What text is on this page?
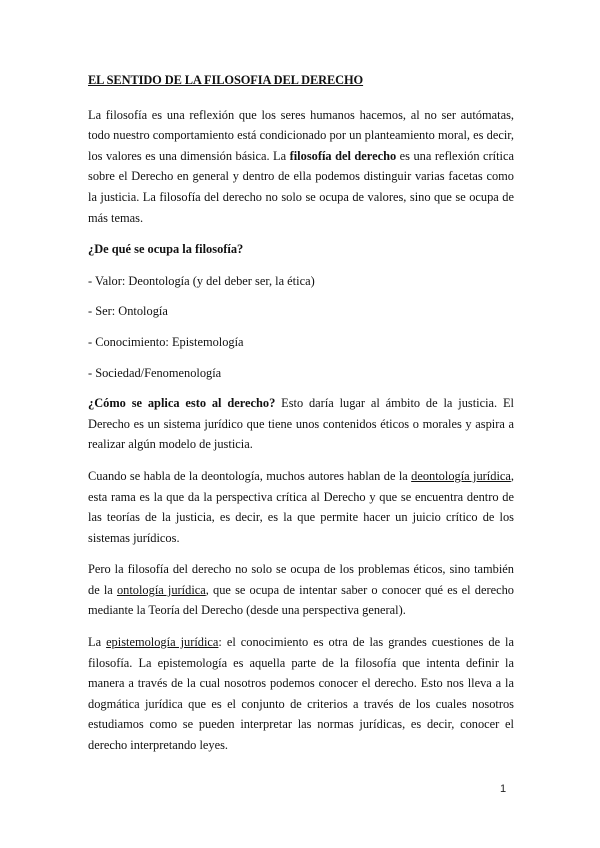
EL SENTIDO DE LA FILOSOFIA DEL DERECHO

La filosofía es una reflexión que los seres humanos hacemos, al no ser autómatas, todo nuestro comportamiento está condicionado por un planteamiento moral, es decir, los valores es una dimensión básica. La filosofía del derecho es una reflexión crítica sobre el Derecho en general y dentro de ella podemos distinguir varias facetas como la justicia. La filosofía del derecho no solo se ocupa de valores, sino que se ocupa de más temas.

¿De qué se ocupa la filosofía?
- Valor: Deontología (y del deber ser, la ética)
- Ser: Ontología
- Conocimiento: Epistemología
- Sociedad/Fenomenología

¿Cómo se aplica esto al derecho? Esto daría lugar al ámbito de la justicia. El Derecho es un sistema jurídico que tiene unos contenidos éticos o morales y aspira a realizar algún modelo de justicia.

Cuando se habla de la deontología, muchos autores hablan de la deontología jurídica, esta rama es la que da la perspectiva crítica al Derecho y que se encuentra dentro de las teorías de la justicia, es decir, es la que permite hacer un juicio crítico de los sistemas jurídicos.

Pero la filosofía del derecho no solo se ocupa de los problemas éticos, sino también de la ontología jurídica, que se ocupa de intentar saber o conocer qué es el derecho mediante la Teoría del Derecho (desde una perspectiva general).

La epistemología jurídica: el conocimiento es otra de las grandes cuestiones de la filosofía. La epistemología es aquella parte de la filosofía que intenta definir la manera a través de la cual nosotros podemos conocer el derecho. Esto nos lleva a la dogmática jurídica que es el conjunto de criterios a través de los cuales nosotros estudiamos como se pueden interpretar las normas jurídicas, es decir, conocer el derecho interpretando leyes.

1
